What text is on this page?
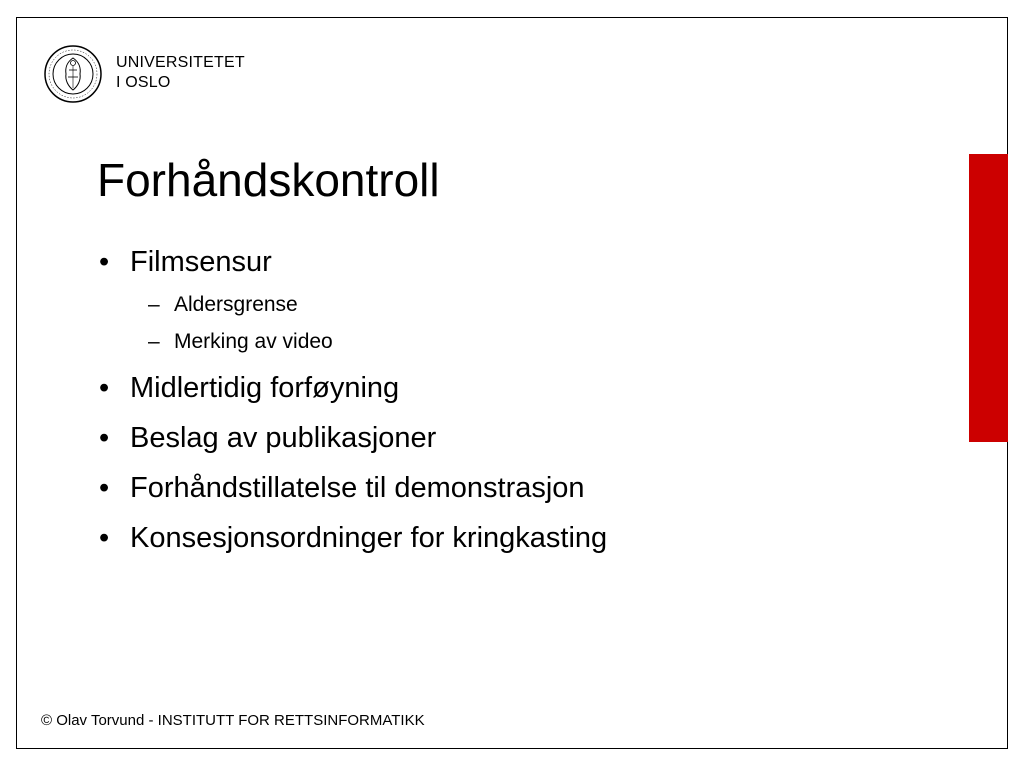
UNIVERSITETET
I OSLO
Forhåndskontroll
• Filmsensur
– Aldersgrense
– Merking av video
• Midlertidig forføyning
• Beslag av publikasjoner
• Forhåndstillatelse til demonstrasjon
• Konsesjonsordninger for kringkasting
© Olav Torvund - INSTITUTT FOR RETTSINFORMATIKK
